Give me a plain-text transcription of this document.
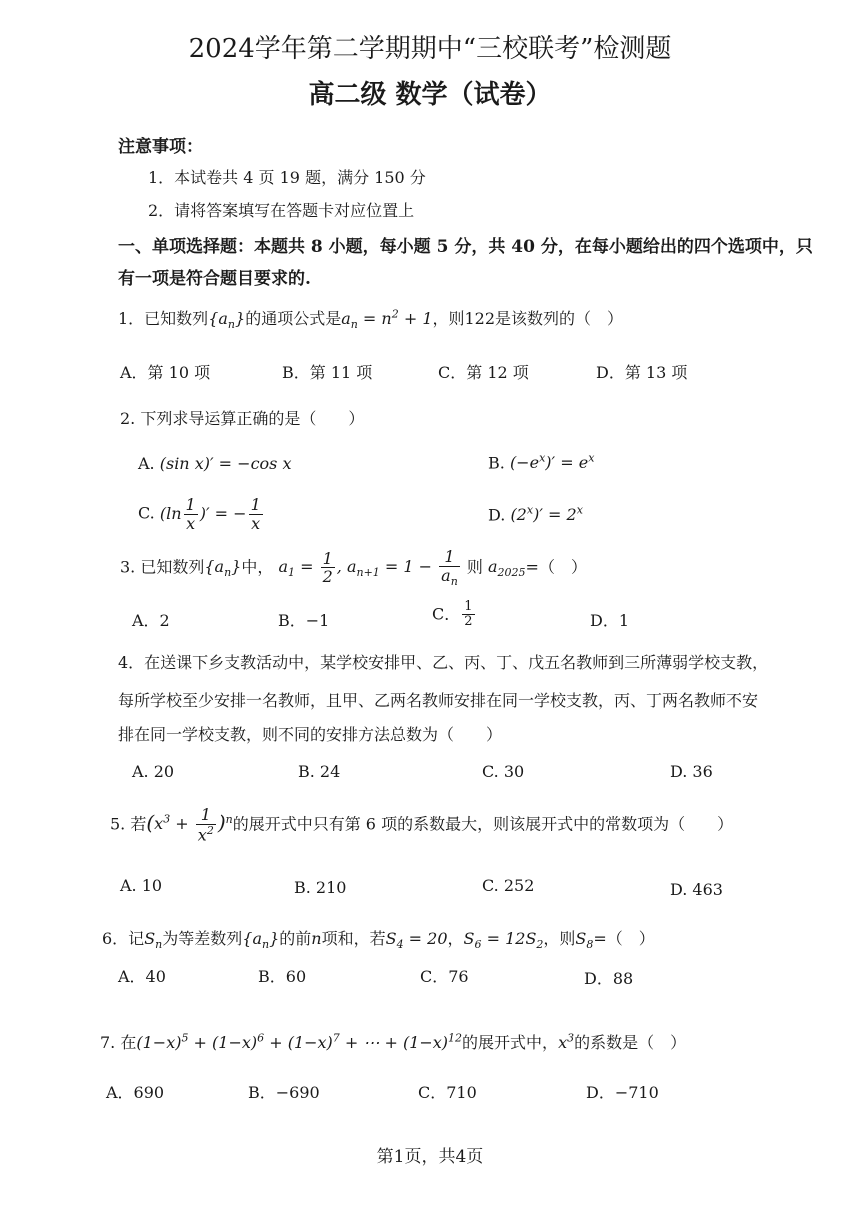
2024学年第二学期期中“三校联考”检测题
高二级 数学（试卷）
注意事项：
1．本试卷共 4 页 19 题，满分 150 分
2．请将答案填写在答题卡对应位置上
一、单项选择题：本题共 8 小题，每小题 5 分，共 40 分，在每小题给出的四个选项中，只
有一项是符合题目要求的.
1．已知数列$\{a_n\}$的通项公式是$a_n = n^2 + 1$，则122是该数列的（　）
A．第 10 项	B．第 11 项	C．第 12 项	D．第 13 项
2. 下列求导运算正确的是（　　）
A. (sin x)′ = −cos x	B. $(-e^x)' = e^x$
C. ($\ln \frac{1}{x}$ )′ = − $\frac{1}{x}$	D. $(2^x)' = 2^x$
3. 已知数列$\{a_n\}$中， $a_1 = \frac{1}{2}$ , $a_{n+1} = 1 - \frac{1}{a_n}$ 则 $a_{2025}=$（　）
A．2	B．−1	C． $\frac{1}{2}$	D．1
4．在送课下乡支教活动中，某学校安排甲、乙、丙、丁、戊五名教师到三所薄弱学校支教，
每所学校至少安排一名教师，且甲、乙两名教师安排在同一学校支教，丙、丁两名教师不安
排在同一学校支教，则不同的安排方法总数为（　　）
A. 20	B. 24	C. 30	D. 36
5. 若$(x^3 + \frac{1}{x^2} )^n$的展开式中只有第 6 项的系数最大，则该展开式中的常数项为（　　）
A. 10	B. 210	C. 252	D. 463
6．记$S_n$为等差数列$\{a_n\}$的前n项和，若$S_4 = 20$，$S_6 = 12S_2$，则$S_8=$（　）
A．40	B．60	C．76	D．88
7. 在$(1-x)^5 + (1-x)^6 + (1-x)^7$ + ⋯ + $(1-x)^{12}$的展开式中，$x^3$的系数是（　）
A．690	B．−690	C．710	D．−710
第1页，共4页
